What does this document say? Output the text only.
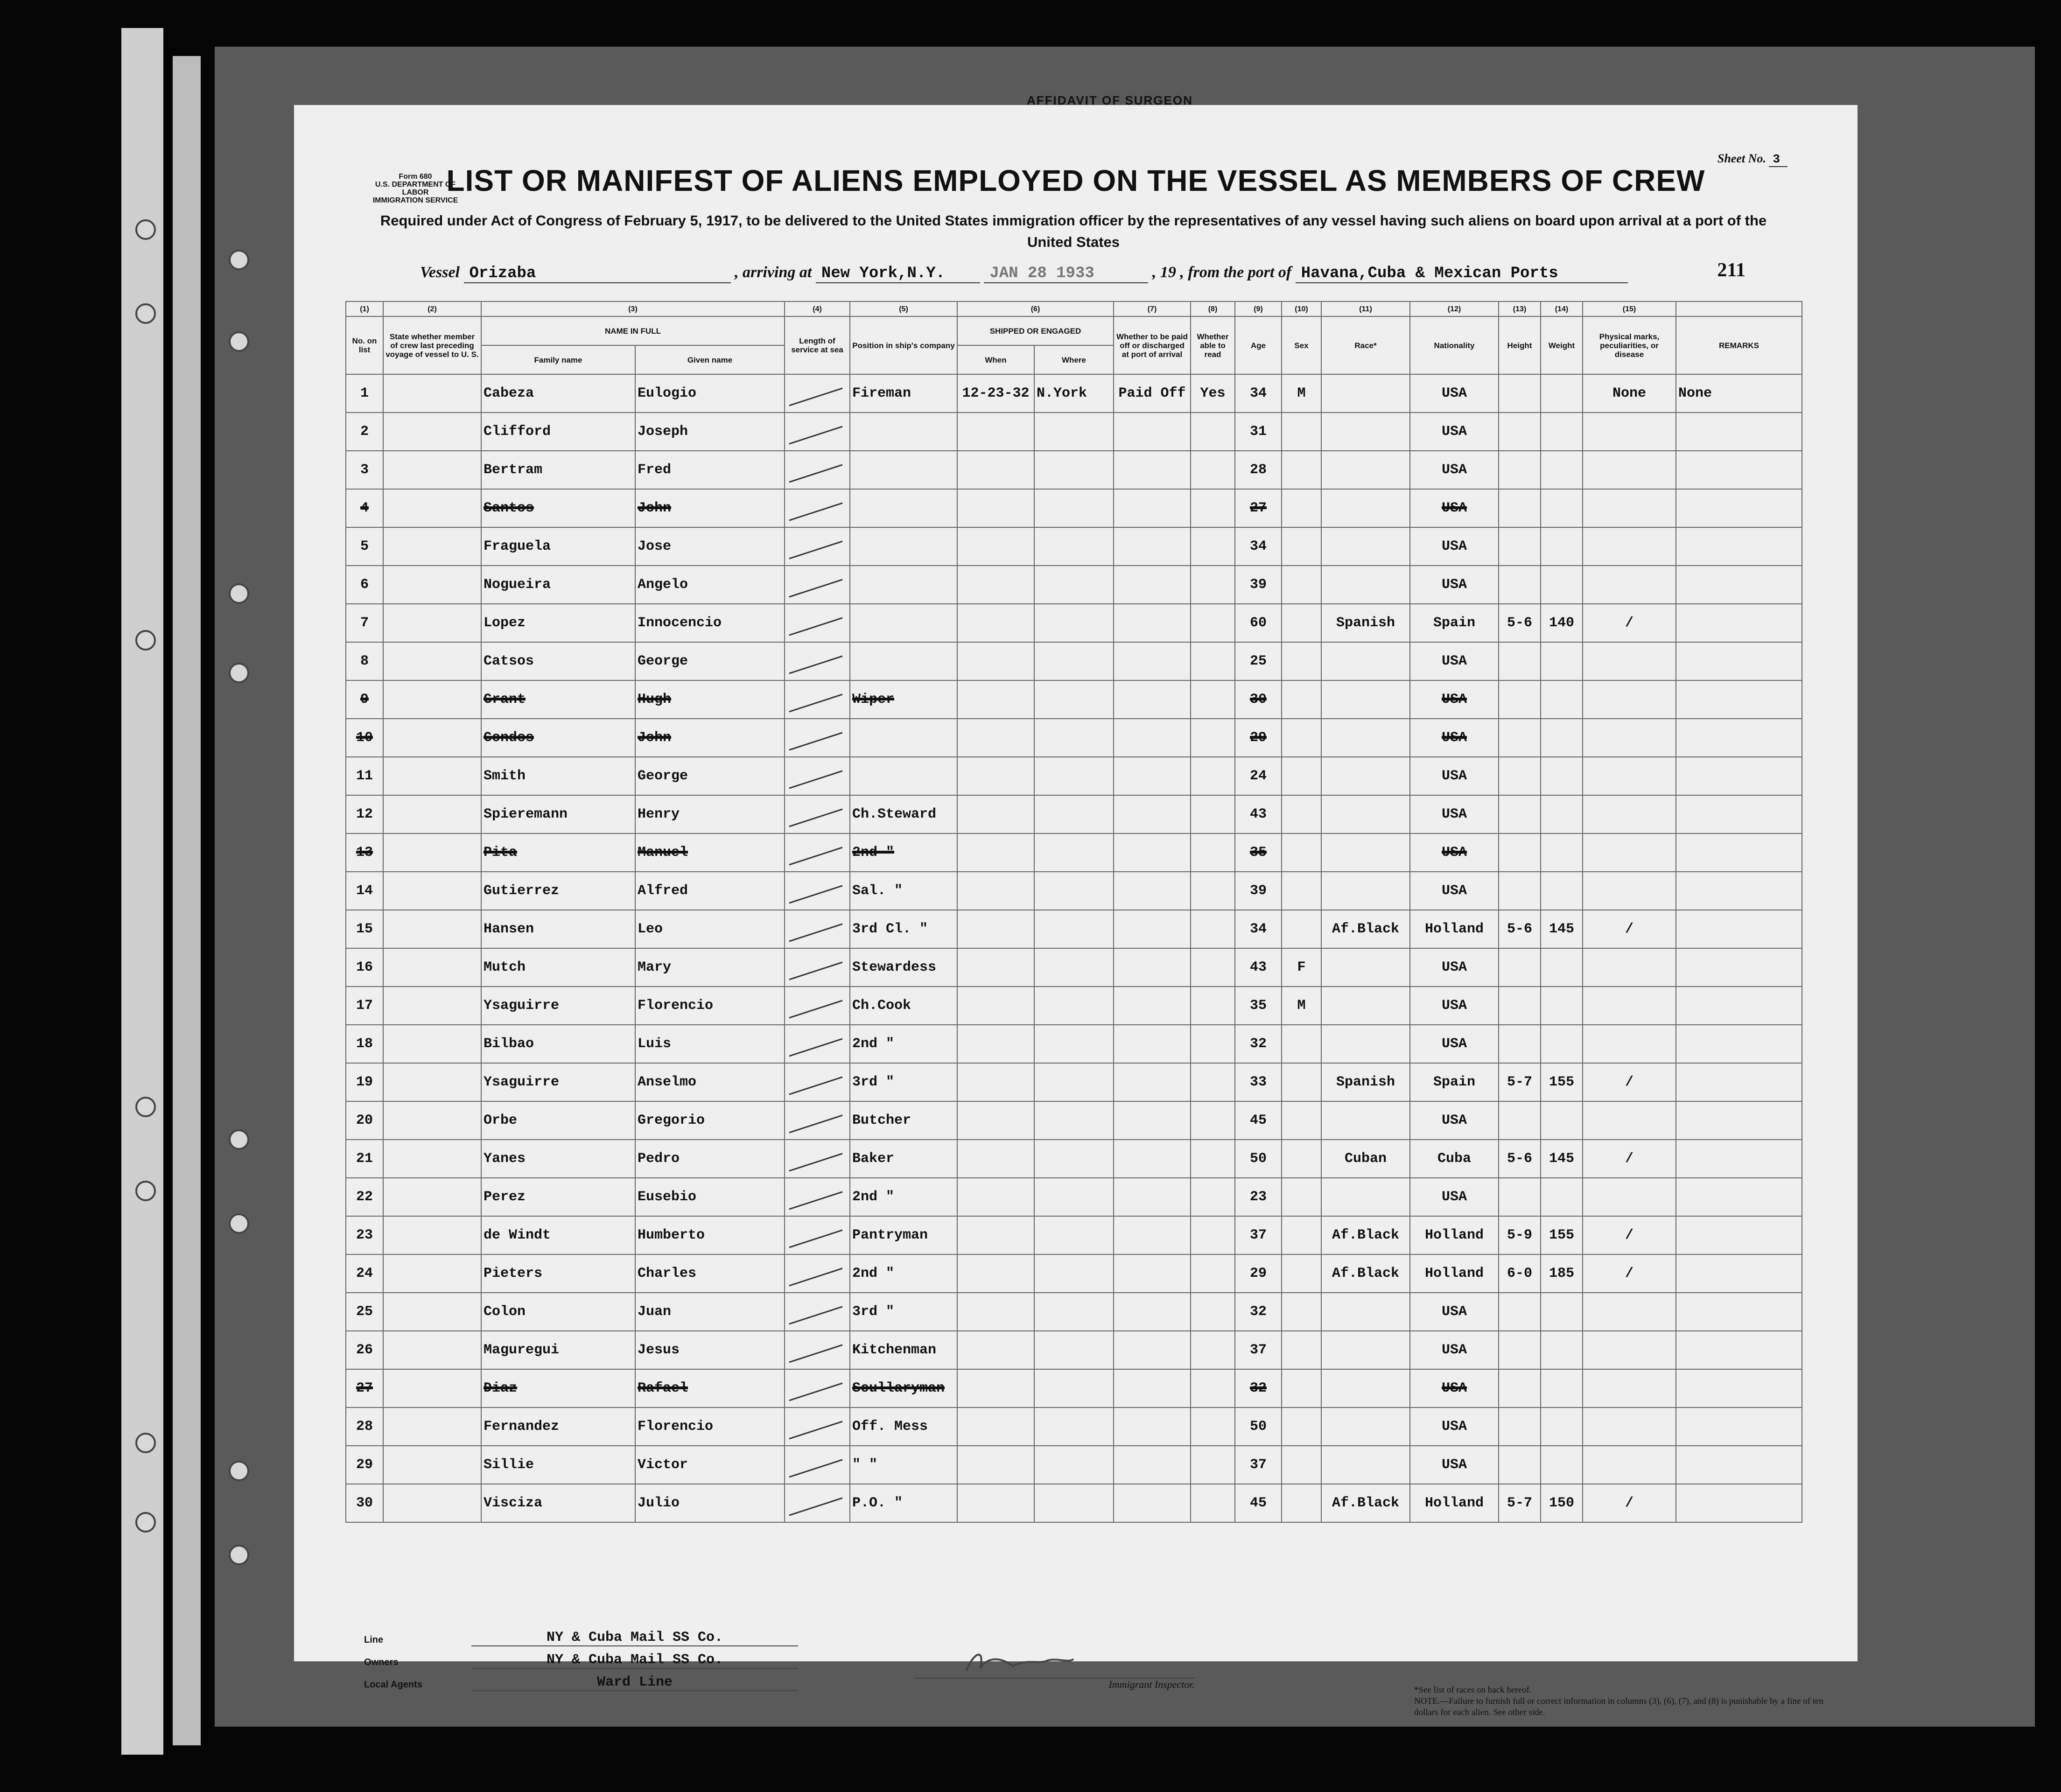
AFFIDAVIT OF SURGEON
Form 680
U.S. DEPARTMENT OF LABOR
IMMIGRATION SERVICE
Sheet No. 3
LIST OR MANIFEST OF ALIENS EMPLOYED ON THE VESSEL AS MEMBERS OF CREW
Required under Act of Congress of February 5, 1917, to be delivered to the United States immigration officer by the representatives of any vessel having such aliens on board upon arrival at a port of the United States
Vessel Orizaba	, arriving at New York,N.Y.	JAN 28 1933	, 19 , from the port of Havana,Cuba & Mexican Ports	211
(1)	(2)	(3)		(4)	(5)	(6)		(7)	(8)	(9)	(10)	(11)	(12)	(13)	(14)	(15)	
No. on list	State whether member of crew last preceding voyage of vessel to U. S.	NAME IN FULL		Length of service at sea	Position in ship's company	SHIPPED OR ENGAGED		Whether to be paid off or discharged at port of arrival	Whether able to read	Age	Sex	Race*	Nationality	Height	Weight	Physical marks, peculiarities, or disease	REMARKS
		Family name	Given name			When	Where										
1		Cabeza	Eulogio		Fireman	12-23-32	N.York	Paid Off	Yes	34	M		USA			None	None
2		Clifford	Joseph							31			USA				
3		Bertram	Fred							28			USA				
4		Santos	John							27			USA				
5		Fraguela	Jose							34			USA				
6		Nogueira	Angelo							39			USA				
7		Lopez	Innocencio							60		Spanish	Spain	5-6	140	/	
8		Catsos	George							25			USA				
9		Grant	Hugh		Wiper					30			USA				
10		Gondos	John							29			USA				
11		Smith	George							24			USA				
12		Spieremann	Henry		Ch.Steward					43			USA				
13		Pita	Manuel		2nd "					35			USA				
14		Gutierrez	Alfred		Sal. "					39			USA				
15		Hansen	Leo		3rd Cl. "					34		Af.Black	Holland	5-6	145	/	
16		Mutch	Mary		Stewardess					43	F		USA				
17		Ysaguirre	Florencio		Ch.Cook					35	M		USA				
18		Bilbao	Luis		2nd "					32			USA				
19		Ysaguirre	Anselmo		3rd "					33		Spanish	Spain	5-7	155	/	
20		Orbe	Gregorio		Butcher					45			USA				
21		Yanes	Pedro		Baker					50		Cuban	Cuba	5-6	145	/	
22		Perez	Eusebio		2nd "					23			USA				
23		de Windt	Humberto		Pantryman					37		Af.Black	Holland	5-9	155	/	
24		Pieters	Charles		2nd "					29		Af.Black	Holland	6-0	185	/	
25		Colon	Juan		3rd "					32			USA				
26		Maguregui	Jesus		Kitchenman					37			USA				
27		Diaz	Rafael		Scullaryman					32			USA				
28		Fernandez	Florencio		Off. Mess					50			USA				
29		Sillie	Victor		" "					37			USA				
30		Visciza	Julio		P.O. "					45		Af.Black	Holland	5-7	150	/	
Line	NY & Cuba Mail SS Co.
Owners	NY & Cuba Mail SS Co.
Local Agents	Ward Line	Immigrant Inspector.	*See list of races on back hereof.
NOTE.—Failure to furnish full or correct information in columns (3), (6), (7), and (8) is punishable by a fine of ten dollars for each alien. See other side.
